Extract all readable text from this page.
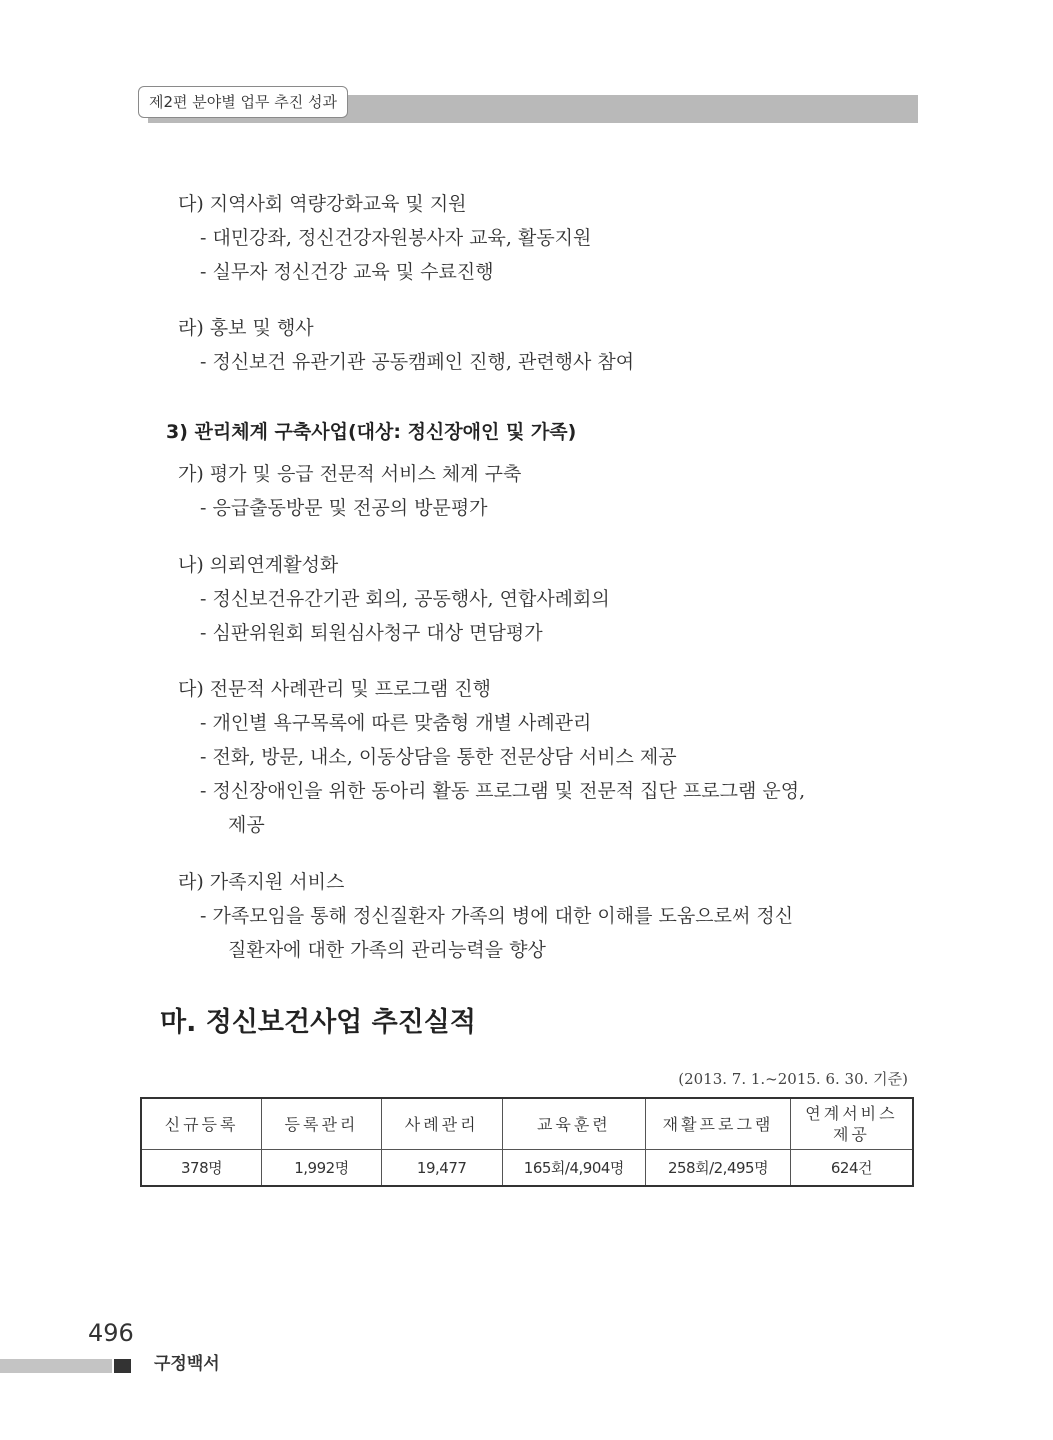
제2편 분야별 업무 추진 성과
다) 지역사회 역량강화교육 및 지원
- 대민강좌, 정신건강자원봉사자 교육, 활동지원
- 실무자 정신건강 교육 및 수료진행
라) 홍보 및 행사
- 정신보건 유관기관 공동캠페인 진행, 관련행사 참여
3) 관리체계 구축사업(대상: 정신장애인 및 가족)
가) 평가 및 응급 전문적 서비스 체계 구축
- 응급출동방문 및 전공의 방문평가
나) 의뢰연계활성화
- 정신보건유간기관 회의, 공동행사, 연합사례회의
- 심판위원회 퇴원심사청구 대상 면담평가
다) 전문적 사례관리 및 프로그램 진행
- 개인별 욕구목록에 따른 맞춤형 개별 사례관리
- 전화, 방문, 내소, 이동상담을 통한 전문상담 서비스 제공
- 정신장애인을 위한 동아리 활동 프로그램 및 전문적 집단 프로그램 운영,
제공
라) 가족지원 서비스
- 가족모임을 통해 정신질환자 가족의 병에 대한 이해를 도움으로써 정신
질환자에 대한 가족의 관리능력을 향상
마. 정신보건사업 추진실적
(2013. 7. 1.~2015. 6. 30. 기준)
신규등록	등록관리	사례관리	교육훈련	재활프로그램	연계서비스
제공
378명	1,992명	19,477	165회/4,904명	258회/2,495명	624건
496
구정백서
